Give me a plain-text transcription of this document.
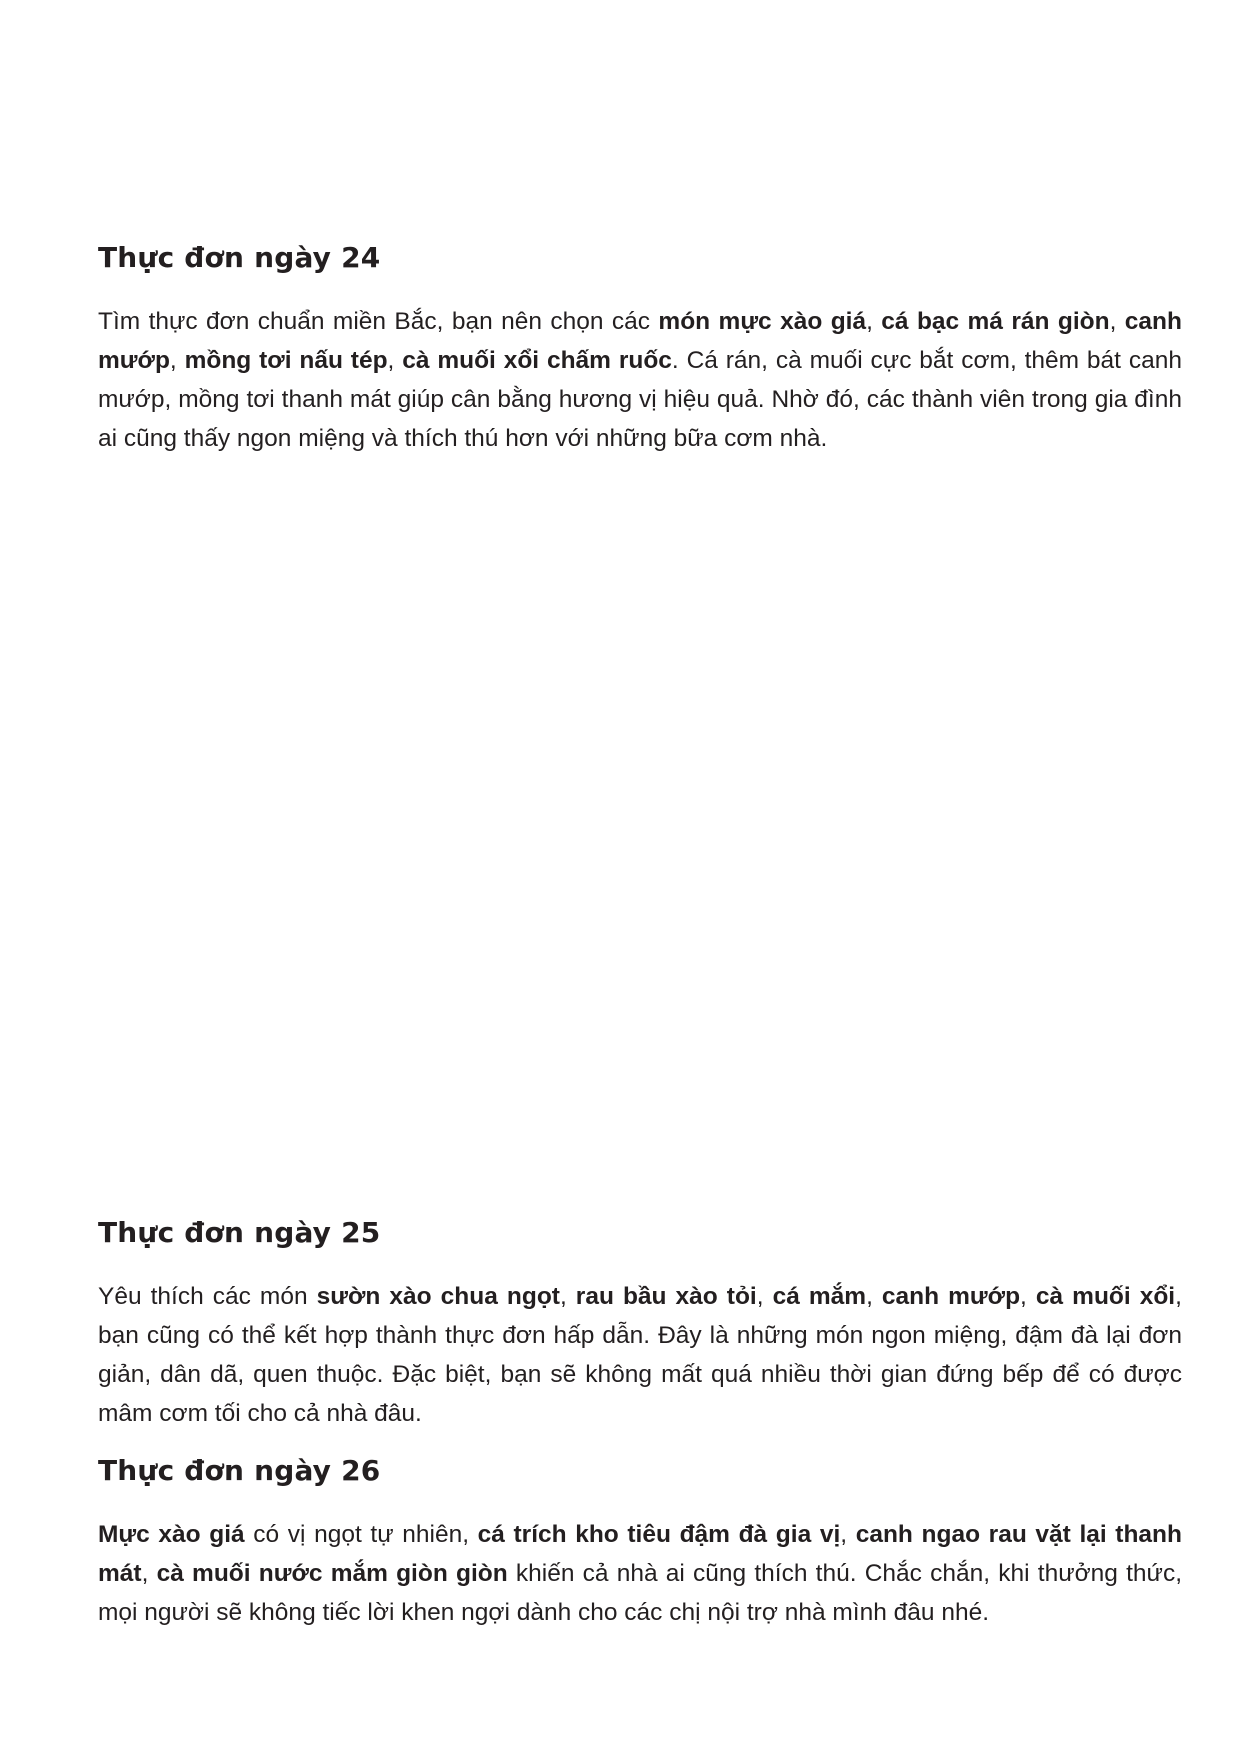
Thực đơn ngày 24

Tìm thực đơn chuẩn miền Bắc, bạn nên chọn các món mực xào giá, cá bạc má rán giòn, canh mướp, mồng tơi nấu tép, cà muối xổi chấm ruốc. Cá rán, cà muối cực bắt cơm, thêm bát canh mướp, mồng tơi thanh mát giúp cân bằng hương vị hiệu quả. Nhờ đó, các thành viên trong gia đình ai cũng thấy ngon miệng và thích thú hơn với những bữa cơm nhà.

Thực đơn ngày 25

Yêu thích các món sườn xào chua ngọt, rau bầu xào tỏi, cá mắm, canh mướp, cà muối xổi, bạn cũng có thể kết hợp thành thực đơn hấp dẫn. Đây là những món ngon miệng, đậm đà lại đơn giản, dân dã, quen thuộc. Đặc biệt, bạn sẽ không mất quá nhiều thời gian đứng bếp để có được mâm cơm tối cho cả nhà đâu.

Thực đơn ngày 26

Mực xào giá có vị ngọt tự nhiên, cá trích kho tiêu đậm đà gia vị, canh ngao rau vặt lại thanh mát, cà muối nước mắm giòn giòn khiến cả nhà ai cũng thích thú. Chắc chắn, khi thưởng thức, mọi người sẽ không tiếc lời khen ngợi dành cho các chị nội trợ nhà mình đâu nhé.
